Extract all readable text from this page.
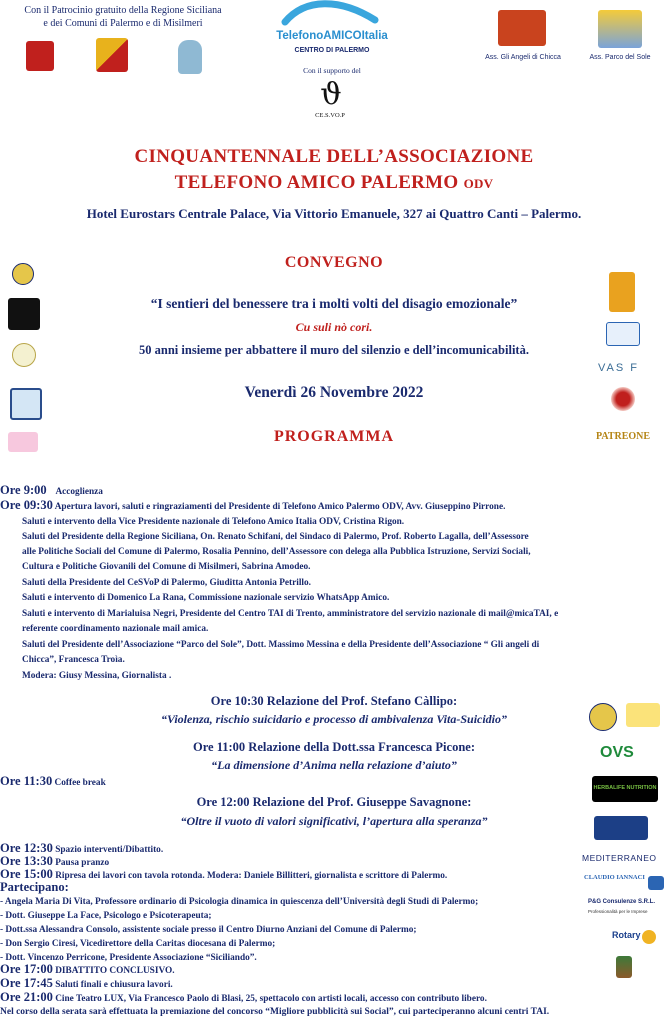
Con il Patrocinio gratuito della Regione Siciliana
e dei Comuni di Palermo e di Misilmeri
TelefonoAMICOItalia
CENTRO DI PALERMO
Con il supporto del
ϑ
CE.S.VO.P
Ass. Gli Angeli di Chicca	Ass. Parco del Sole
CINQUANTENNALE DELL’ASSOCIAZIONE
TELEFONO AMICO PALERMO ODV
Hotel Eurostars Centrale Palace, Via Vittorio Emanuele, 327 ai Quattro Canti – Palermo.
VAS F
PATREONE
CONVEGNO
“I sentieri del benessere tra i molti volti del disagio emozionale”
Cu suli nò cori.
50 anni insieme per abbattere il muro del silenzio e dell’incomunicabilità.
Venerdì 26 Novembre 2022
PROGRAMMA
Ore 9:00 Accoglienza
Ore 09:30 Apertura lavori, saluti e ringraziamenti del Presidente di Telefono Amico Palermo ODV, Avv. Giuseppino Pirrone.
Saluti e intervento della Vice Presidente nazionale di Telefono Amico Italia ODV, Cristina Rigon.
Saluti del Presidente della Regione Siciliana, On. Renato Schifani, del Sindaco di Palermo, Prof. Roberto Lagalla, dell’Assessore
alle Politiche Sociali del Comune di Palermo, Rosalia Pennino, dell’Assessore con delega alla Pubblica Istruzione, Servizi Sociali,
Cultura e Politiche Giovanili del Comune di Misilmeri, Sabrina Amodeo.
Saluti della Presidente del CeSVoP di Palermo, Giuditta Antonia Petrillo.
Saluti e intervento di Domenico La Rana, Commissione nazionale servizio WhatsApp Amico.
Saluti e intervento di Marialuisa Negri, Presidente del Centro TAI di Trento, amministratore del servizio nazionale di mail@micaTAI, e
referente coordinamento nazionale mail amica.
Saluti del Presidente dell’Associazione “Parco del Sole”, Dott. Massimo Messina e della Presidente dell’Associazione “ Gli angeli di
Chicca”, Francesca Troìa.
Modera: Giusy Messina, Giornalista .
Ore 10:30 Relazione del Prof. Stefano Càllipo:
“Violenza, rischio suicidario e processo di ambivalenza Vita-Suicidio”
Ore 11:00 Relazione della Dott.ssa Francesca Picone:
“La dimensione d’Anima nella relazione d’aiuto”
Ore 11:30 Coffee break
Ore 12:00 Relazione del Prof. Giuseppe Savagnone:
“Oltre il vuoto di valori significativi, l’apertura alla speranza”
Ore 12:30 Spazio interventi/Dibattito.
Ore 13:30 Pausa pranzo
Ore 15:00 Ripresa dei lavori con tavola rotonda. Modera: Daniele Billitteri, giornalista e scrittore di Palermo.
Partecipano:
- Angela Maria Di Vita, Professore ordinario di Psicologia dinamica in quiescenza dell’Università degli Studi di Palermo;
- Dott. Giuseppe La Face, Psicologo e Psicoterapeuta;
- Dott.ssa Alessandra Consolo, assistente sociale presso il Centro Diurno Anziani del Comune di Palermo;
- Don Sergio Ciresi, Vicedirettore della Caritas diocesana di Palermo;
- Dott. Vincenzo Perricone, Presidente Associazione “Siciliando”.
Ore 17:00 DIBATTITO CONCLUSIVO.
Ore 17:45 Saluti finali e chiusura lavori.
Ore 21:00 Cine Teatro LUX, Via Francesco Paolo di Blasi, 25, spettacolo con artisti locali, accesso con contributo libero.
Nel corso della serata sarà effettuata la premiazione del concorso “Migliore pubblicità sui Social”, cui parteciperanno alcuni centri TAI.
OVS
HERBALIFE NUTRITION
MEDITERRANEO
CLAUDIO IANNACI
P&G Consulenze S.R.L.
Professionalità per le Imprese
Rotary
